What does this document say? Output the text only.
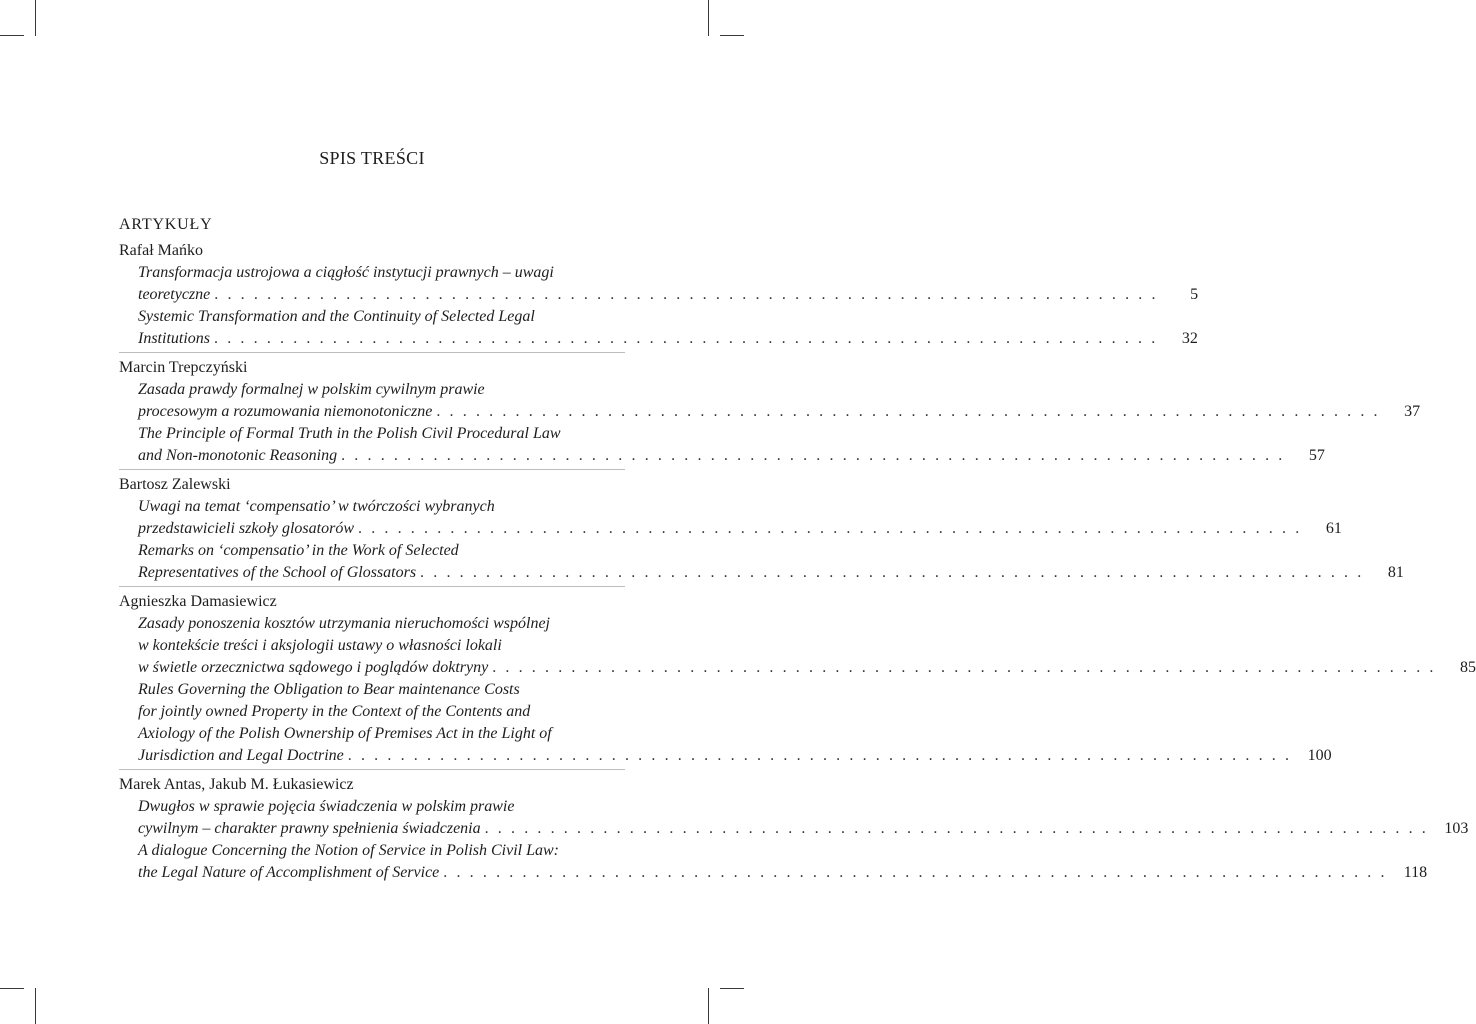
SPIS TREŚCI
ARTYKUŁY
Rafał Mańko
Transformacja ustrojowa a ciągłość instytucji prawnych – uwagi
teoretyczne . . . . . . . . . . . . . . . . . . . . . . . . . . . . . . . . . . . . . . . . . . . . . . . . . . . . . . . . . . . . . . . . . . . . . . . .	5
Systemic Transformation and the Continuity of Selected Legal
Institutions . . . . . . . . . . . . . . . . . . . . . . . . . . . . . . . . . . . . . . . . . . . . . . . . . . . . . . . . . . . . . . . . . . . . . . . .	32
Marcin Trepczyński
Zasada prawdy formalnej w polskim cywilnym prawie
procesowym a rozumowania niemonotoniczne . . . . . . . . . . . . . . . . . . . . . . . . . . . . . . . . . . . . . . . . . . . . . . . . . . . . . . . . . . . . . . . . . . . . . . . .	37
The Principle of Formal Truth in the Polish Civil Procedural Law
and Non-monotonic Reasoning . . . . . . . . . . . . . . . . . . . . . . . . . . . . . . . . . . . . . . . . . . . . . . . . . . . . . . . . . . . . . . . . . . . . . . . .	57
Bartosz Zalewski
Uwagi na temat ‘compensatio’ w twórczości wybranych
przedstawicieli szkoły glosatorów . . . . . . . . . . . . . . . . . . . . . . . . . . . . . . . . . . . . . . . . . . . . . . . . . . . . . . . . . . . . . . . . . . . . . . . .	61
Remarks on ‘compensatio’ in the Work of Selected
Representatives of the School of Glossators . . . . . . . . . . . . . . . . . . . . . . . . . . . . . . . . . . . . . . . . . . . . . . . . . . . . . . . . . . . . . . . . . . . . . . . .	81
Agnieszka Damasiewicz
Zasady ponoszenia kosztów utrzymania nieruchomości wspólnej
w kontekście treści i aksjologii ustawy o własności lokali
w świetle orzecznictwa sądowego i poglądów doktryny . . . . . . . . . . . . . . . . . . . . . . . . . . . . . . . . . . . . . . . . . . . . . . . . . . . . . . . . . . . . . . . . . . . . . . . .	85
Rules Governing the Obligation to Bear maintenance Costs
for jointly owned Property in the Context of the Contents and
Axiology of the Polish Ownership of Premises Act in the Light of
Jurisdiction and Legal Doctrine . . . . . . . . . . . . . . . . . . . . . . . . . . . . . . . . . . . . . . . . . . . . . . . . . . . . . . . . . . . . . . . . . . . . . . . . 100
Marek Antas, Jakub M. Łukasiewicz
Dwugłos w sprawie pojęcia świadczenia w polskim prawie
cywilnym – charakter prawny spełnienia świadczenia . . . . . . . . . . . . . . . . . . . . . . . . . . . . . . . . . . . . . . . . . . . . . . . . . . . . . . . . . . . . . . . . . . . . . . . . 103
A dialogue Concerning the Notion of Service in Polish Civil Law:
the Legal Nature of Accomplishment of Service . . . . . . . . . . . . . . . . . . . . . . . . . . . . . . . . . . . . . . . . . . . . . . . . . . . . . . . . . . . . . . . . . . . . . . . . 118
